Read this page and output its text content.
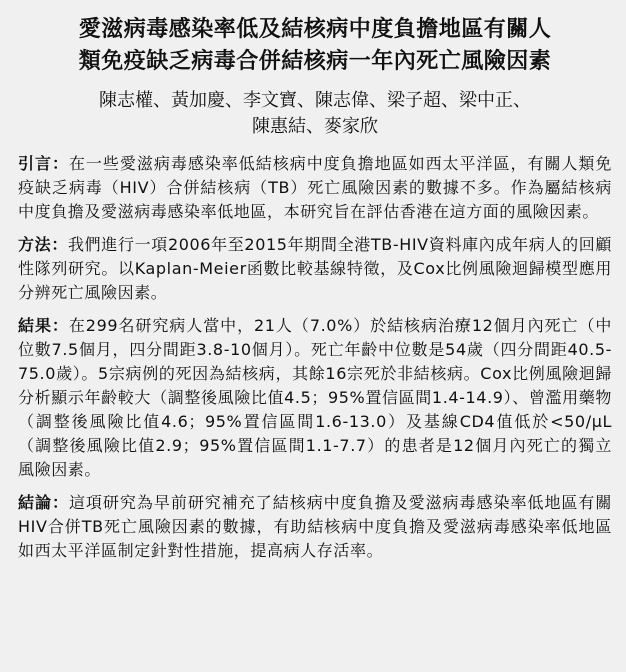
愛滋病毒感染率低及結核病中度負擔地區有關人
類免疫缺乏病毒合併結核病一年內死亡風險因素
陳志權、黃加慶、李文寶、陳志偉、梁子超、梁中正、
陳惠結、麥家欣

引言：在一些愛滋病毒感染率低結核病中度負擔地區如西太平洋區，有關人類免疫缺乏病毒（HIV）合併結核病（TB）死亡風險因素的數據不多。作為屬結核病中度負擔及愛滋病毒感染率低地區，本研究旨在評估香港在這方面的風險因素。

方法：我們進行一項2006年至2015年期間全港TB-HIV資料庫內成年病人的回顧性隊列研究。以Kaplan-Meier函數比較基線特徵，及Cox比例風險迴歸模型應用分辨死亡風險因素。

結果：在299名研究病人當中，21人（7.0%）於結核病治療12個月內死亡（中位數7.5個月，四分間距3.8-10個月）。死亡年齡中位數是54歲（四分間距40.5-75.0歲）。5宗病例的死因為結核病，其餘16宗死於非結核病。Cox比例風險迴歸分析顯示年齡較大（調整後風險比值4.5；95%置信區間1.4-14.9）、曾濫用藥物（調整後風險比值4.6；95%置信區間1.6-13.0）及基線CD4值低於<50/μL（調整後風險比值2.9；95%置信區間1.1-7.7）的患者是12個月內死亡的獨立風險因素。

結論：這項研究為早前研究補充了結核病中度負擔及愛滋病毒感染率低地區有關HIV合併TB死亡風險因素的數據，有助結核病中度負擔及愛滋病毒感染率低地區如西太平洋區制定針對性措施，提高病人存活率。
